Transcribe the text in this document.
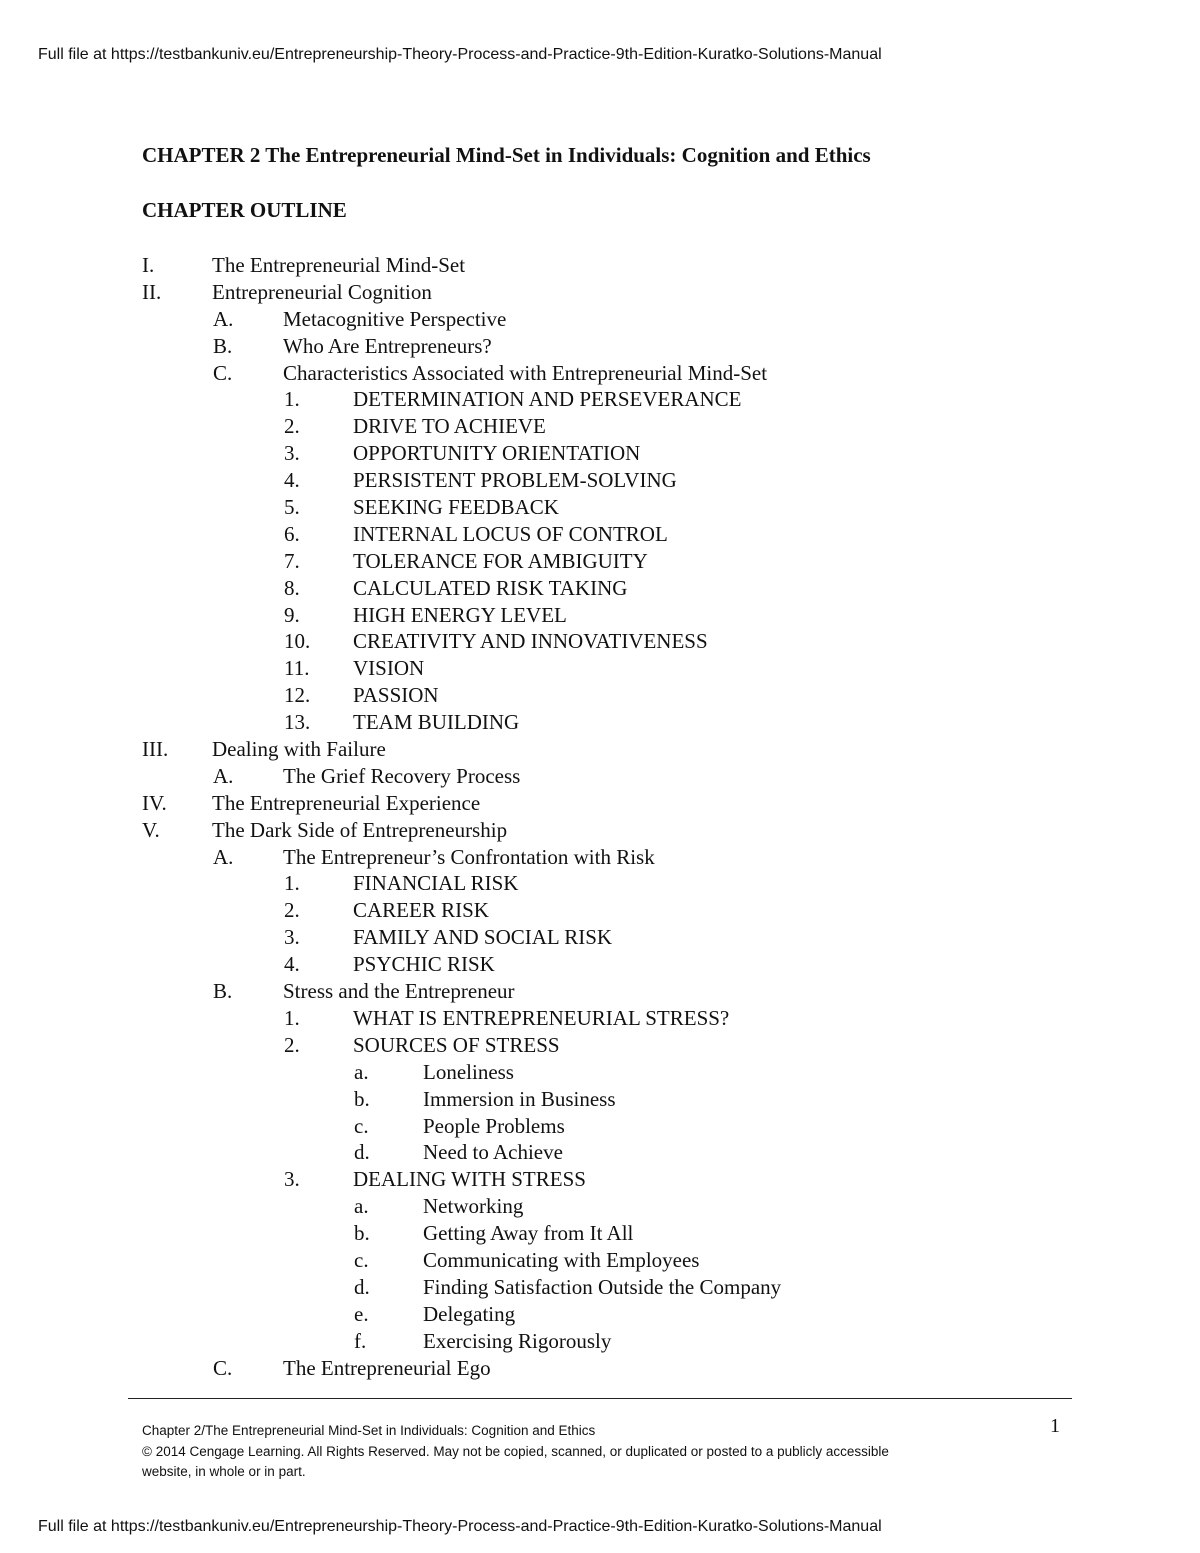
Full file at https://testbankuniv.eu/Entrepreneurship-Theory-Process-and-Practice-9th-Edition-Kuratko-Solutions-Manual
CHAPTER 2 The Entrepreneurial Mind-Set in Individuals: Cognition and Ethics
CHAPTER OUTLINE
I.	The Entrepreneurial Mind-Set
II. Entrepreneurial Cognition
A. Metacognitive Perspective
B. Who Are Entrepreneurs?
C. Characteristics Associated with Entrepreneurial Mind-Set
1.	DETERMINATION AND PERSEVERANCE
2.	DRIVE TO ACHIEVE
3.	OPPORTUNITY ORIENTATION
4.	PERSISTENT PROBLEM-SOLVING
5.	SEEKING FEEDBACK
6.	INTERNAL LOCUS OF CONTROL
7.	TOLERANCE FOR AMBIGUITY
8.	CALCULATED RISK TAKING
9.	HIGH ENERGY LEVEL
10. CREATIVITY AND INNOVATIVENESS
11. VISION
12. PASSION
13. TEAM BUILDING
III. Dealing with Failure
A. The Grief Recovery Process
IV. The Entrepreneurial Experience
V. The Dark Side of Entrepreneurship
A. The Entrepreneur’s Confrontation with Risk
1.	FINANCIAL RISK
2.	CAREER RISK
3.	FAMILY AND SOCIAL RISK
4.	PSYCHIC RISK
B. Stress and the Entrepreneur
1.	WHAT IS ENTREPRENEURIAL STRESS?
2.	SOURCES OF STRESS
a.	Loneliness
b.	Immersion in Business
c.	People Problems
d.	Need to Achieve
3.	DEALING WITH STRESS
a.	Networking
b.	Getting Away from It All
c.	Communicating with Employees
d.	Finding Satisfaction Outside the Company
e.	Delegating
f.	Exercising Rigorously
C. The Entrepreneurial Ego
Chapter 2/The Entrepreneurial Mind-Set in Individuals: Cognition and Ethics	1
© 2014 Cengage Learning. All Rights Reserved. May not be copied, scanned, or duplicated or posted to a publicly accessible
website, in whole or in part.
Full file at https://testbankuniv.eu/Entrepreneurship-Theory-Process-and-Practice-9th-Edition-Kuratko-Solutions-Manual
